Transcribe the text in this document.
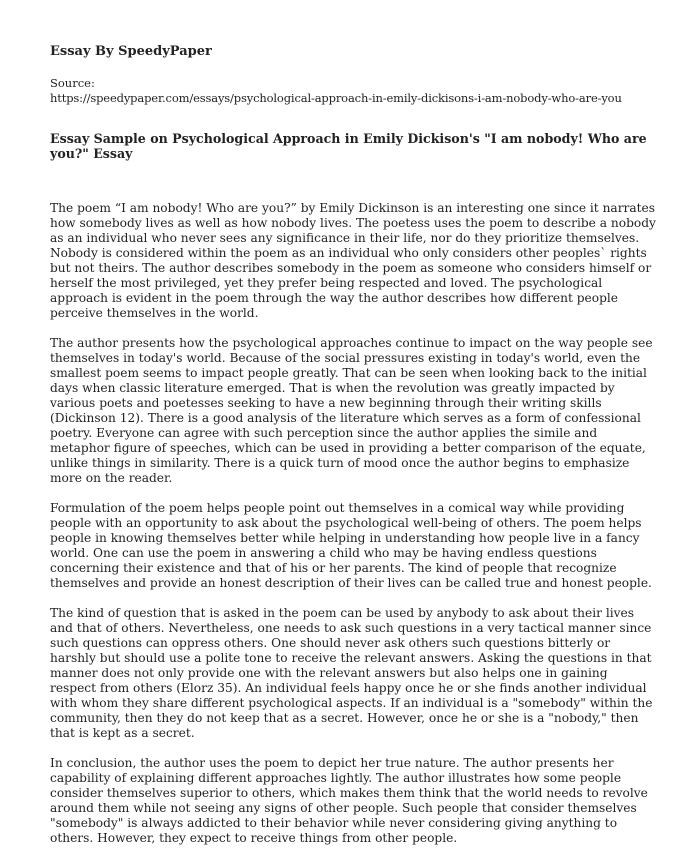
Essay By SpeedyPaper
Source:
https://speedypaper.com/essays/psychological-approach-in-emily-dickisons-i-am-nobody-who-are-you
Essay Sample on Psychological Approach in Emily Dickison's "I am nobody! Who are you?" Essay

The poem “I am nobody! Who are you?” by Emily Dickinson is an interesting one since it narrates how somebody lives as well as how nobody lives. The poetess uses the poem to describe a nobody as an individual who never sees any significance in their life, nor do they prioritize themselves. Nobody is considered within the poem as an individual who only considers other peoples` rights but not theirs. The author describes somebody in the poem as someone who considers himself or herself the most privileged, yet they prefer being respected and loved. The psychological approach is evident in the poem through the way the author describes how different people perceive themselves in the world.

The author presents how the psychological approaches continue to impact on the way people see themselves in today's world. Because of the social pressures existing in today's world, even the smallest poem seems to impact people greatly. That can be seen when looking back to the initial days when classic literature emerged. That is when the revolution was greatly impacted by various poets and poetesses seeking to have a new beginning through their writing skills (Dickinson 12). There is a good analysis of the literature which serves as a form of confessional poetry. Everyone can agree with such perception since the author applies the simile and metaphor figure of speeches, which can be used in providing a better comparison of the equate, unlike things in similarity. There is a quick turn of mood once the author begins to emphasize more on the reader.

Formulation of the poem helps people point out themselves in a comical way while providing people with an opportunity to ask about the psychological well-being of others. The poem helps people in knowing themselves better while helping in understanding how people live in a fancy world. One can use the poem in answering a child who may be having endless questions concerning their existence and that of his or her parents. The kind of people that recognize themselves and provide an honest description of their lives can be called true and honest people.

The kind of question that is asked in the poem can be used by anybody to ask about their lives and that of others. Nevertheless, one needs to ask such questions in a very tactical manner since such questions can oppress others. One should never ask others such questions bitterly or harshly but should use a polite tone to receive the relevant answers. Asking the questions in that manner does not only provide one with the relevant answers but also helps one in gaining respect from others (Elorz 35). An individual feels happy once he or she finds another individual with whom they share different psychological aspects. If an individual is a "somebody" within the community, then they do not keep that as a secret. However, once he or she is a "nobody," then that is kept as a secret.

In conclusion, the author uses the poem to depict her true nature. The author presents her capability of explaining different approaches lightly. The author illustrates how some people consider themselves superior to others, which makes them think that the world needs to revolve around them while not seeing any signs of other people. Such people that consider themselves "somebody" is always addicted to their behavior while never considering giving anything to others. However, they expect to receive things from other people.
